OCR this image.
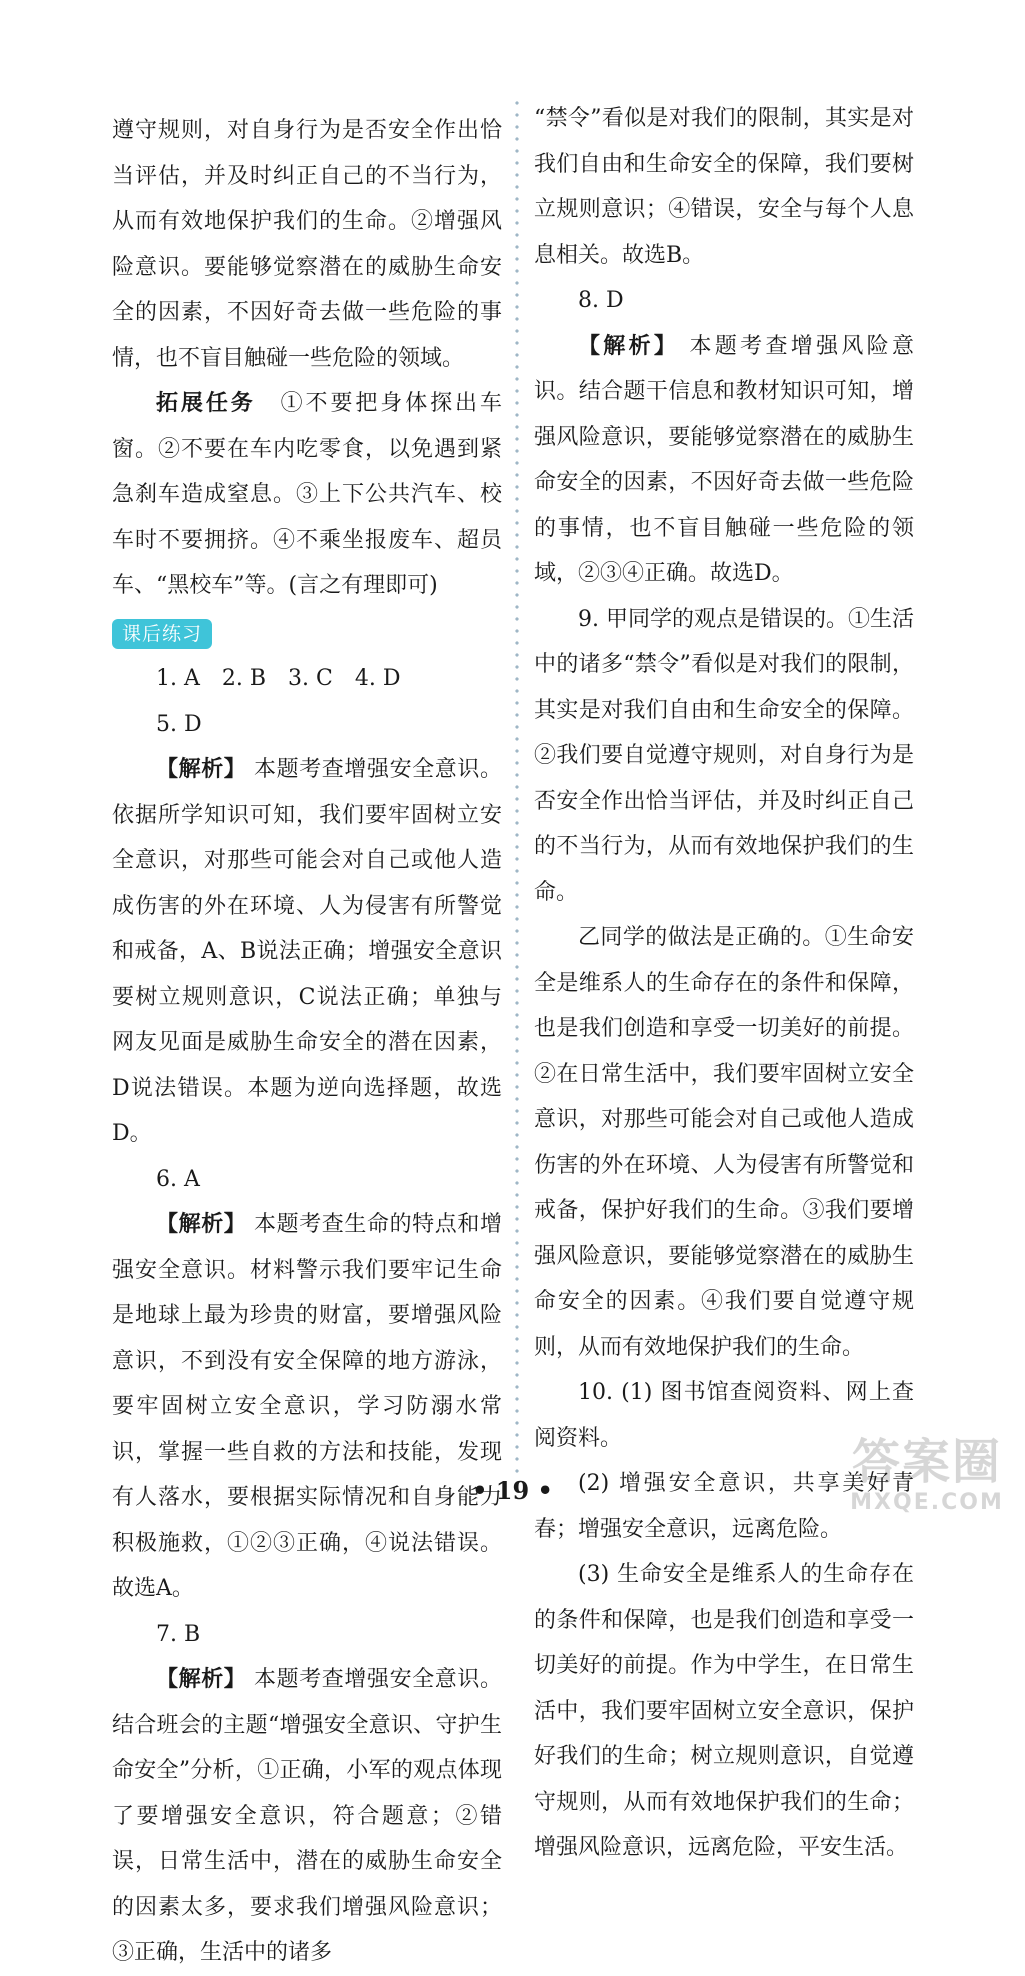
遵守规则，对自身行为是否安全作出恰当评估，并及时纠正自己的不当行为，从而有效地保护我们的生命。②增强风险意识。要能够觉察潜在的威胁生命安全的因素，不因好奇去做一些危险的事情，也不盲目触碰一些危险的领域。

拓展任务　 ①不要把身体探出车窗。②不要在车内吃零食，以免遇到紧急刹车造成窒息。③上下公共汽车、校车时不要拥挤。④不乘坐报废车、超员车、“黑校车”等。(言之有理即可)

课后练习

1. A　2. B　3. C　4. D

5. D

【解析】 本题考查增强安全意识。依据所学知识可知，我们要牢固树立安全意识，对那些可能会对自己或他人造成伤害的外在环境、人为侵害有所警觉和戒备，A、B说法正确；增强安全意识要树立规则意识，C说法正确；单独与网友见面是威胁生命安全的潜在因素，D说法错误。本题为逆向选择题，故选D。

6. A

【解析】 本题考查生命的特点和增强安全意识。材料警示我们要牢记生命是地球上最为珍贵的财富，要增强风险意识，不到没有安全保障的地方游泳，要牢固树立安全意识，学习防溺水常识，掌握一些自救的方法和技能，发现有人落水，要根据实际情况和自身能力积极施救，①②③正确，④说法错误。故选A。

7. B

【解析】 本题考查增强安全意识。结合班会的主题“增强安全意识、守护生命安全”分析，①正确，小军的观点体现了要增强安全意识，符合题意；②错误，日常生活中，潜在的威胁生命安全的因素太多，要求我们增强风险意识；③正确，生活中的诸多

“禁令”看似是对我们的限制，其实是对我们自由和生命安全的保障，我们要树立规则意识；④错误，安全与每个人息息相关。故选B。

8. D

【解析】 本题考查增强风险意识。结合题干信息和教材知识可知，增强风险意识，要能够觉察潜在的威胁生命安全的因素，不因好奇去做一些危险的事情，也不盲目触碰一些危险的领域，②③④正确。故选D。

9. 甲同学的观点是错误的。①生活中的诸多“禁令”看似是对我们的限制，其实是对我们自由和生命安全的保障。②我们要自觉遵守规则，对自身行为是否安全作出恰当评估，并及时纠正自己的不当行为，从而有效地保护我们的生命。

乙同学的做法是正确的。①生命安全是维系人的生命存在的条件和保障，也是我们创造和享受一切美好的前提。②在日常生活中，我们要牢固树立安全意识，对那些可能会对自己或他人造成伤害的外在环境、人为侵害有所警觉和戒备，保护好我们的生命。③我们要增强风险意识，要能够觉察潜在的威胁生命安全的因素。④我们要自觉遵守规则，从而有效地保护我们的生命。

10. (1) 图书馆查阅资料、网上查阅资料。

(2) 增强安全意识，共享美好青春；增强安全意识，远离危险。

(3) 生命安全是维系人的生命存在的条件和保障，也是我们创造和享受一切美好的前提。作为中学生，在日常生活中，我们要牢固树立安全意识，保护好我们的生命；树立规则意识，自觉遵守规则，从而有效地保护我们的生命；增强风险意识，远离危险，平安生活。

• 19 •
答案圈
MXQE.COM
